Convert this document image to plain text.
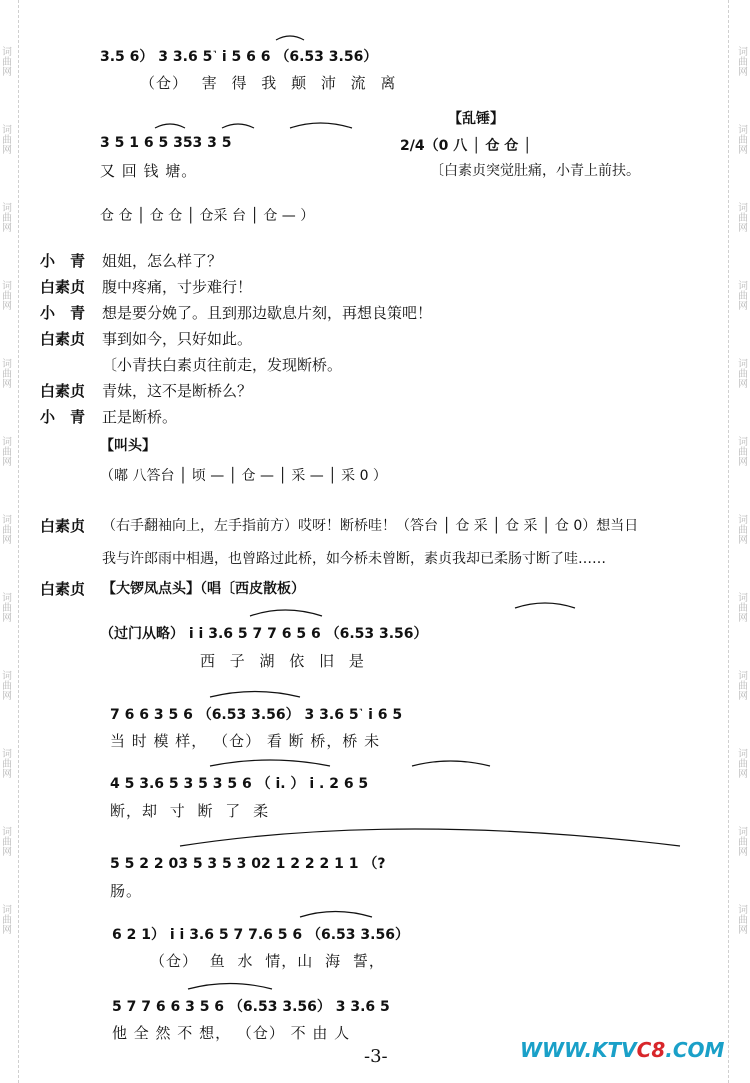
词曲网
词曲网
词曲网
词曲网
词曲网
词曲网
词曲网
词曲网
词曲网
词曲网
词曲网
词曲网
词曲网
词曲网
词曲网
词曲网
词曲网
词曲网
词曲网
词曲网
词曲网
词曲网
词曲网
词曲网
3.5 6） 3 3.6 5˺ i 5 6 6 （6.53 3.56）
（仓） 害 得 我 颠 沛 流 离
【乱锤】
3 5 1 6 5 353 3 5	2/4（0 八 │ 仓 仓 │
又 回 钱 塘。	〔白素贞突觉肚痛，小青上前扶。
仓 仓 │ 仓 仓 │ 仓采 台 │ 仓 — ）
小　青 姐姐，怎么样了？
白素贞 腹中疼痛，寸步难行！
小　青 想是要分娩了。且到那边歇息片刻，再想良策吧！
白素贞 事到如今，只好如此。
〔小青扶白素贞往前走，发现断桥。
白素贞 青妹，这不是断桥么？
小　青 正是断桥。
【叫头】
（嘟 八答台 │ 顷 — │ 仓 — │ 采 — │ 采 0 ）
白素贞 （右手翻袖向上，左手指前方）哎呀！断桥哇！（答台 │ 仓 采 │ 仓 采 │ 仓 0）想当日
我与许郎雨中相遇，也曾路过此桥，如今桥未曾断，素贞我却已柔肠寸断了哇……
白素贞 【大锣凤点头】（唱〔西皮散板）
（过门从略） i i 3.6 5 7 7 6 5 6 （6.53 3.56）
西 子 湖 依 旧 是
7 6 6 3 5 6 （6.53 3.56） 3 3.6 5˺ i 6 5
当 时 模 样， （仓） 看 断 桥，桥 未
4 5 3.6 5 3 5 3 5 6 （ i. ） i . 2 6 5
断，却 寸 断 了 柔
5 5 2 2 03 5 3 5 3 02 1 2 2 2 1 1 （?
肠。
6 2 1） i i 3.6 5 7 7.6 5 6 （6.53 3.56）
（仓） 鱼 水 情，山 海 誓，
5 7 7 6 6 3 5 6 （6.53 3.56） 3 3.6 5
他 全 然 不 想， （仓） 不 由 人
-3-	WWW.KTVC8.COM
